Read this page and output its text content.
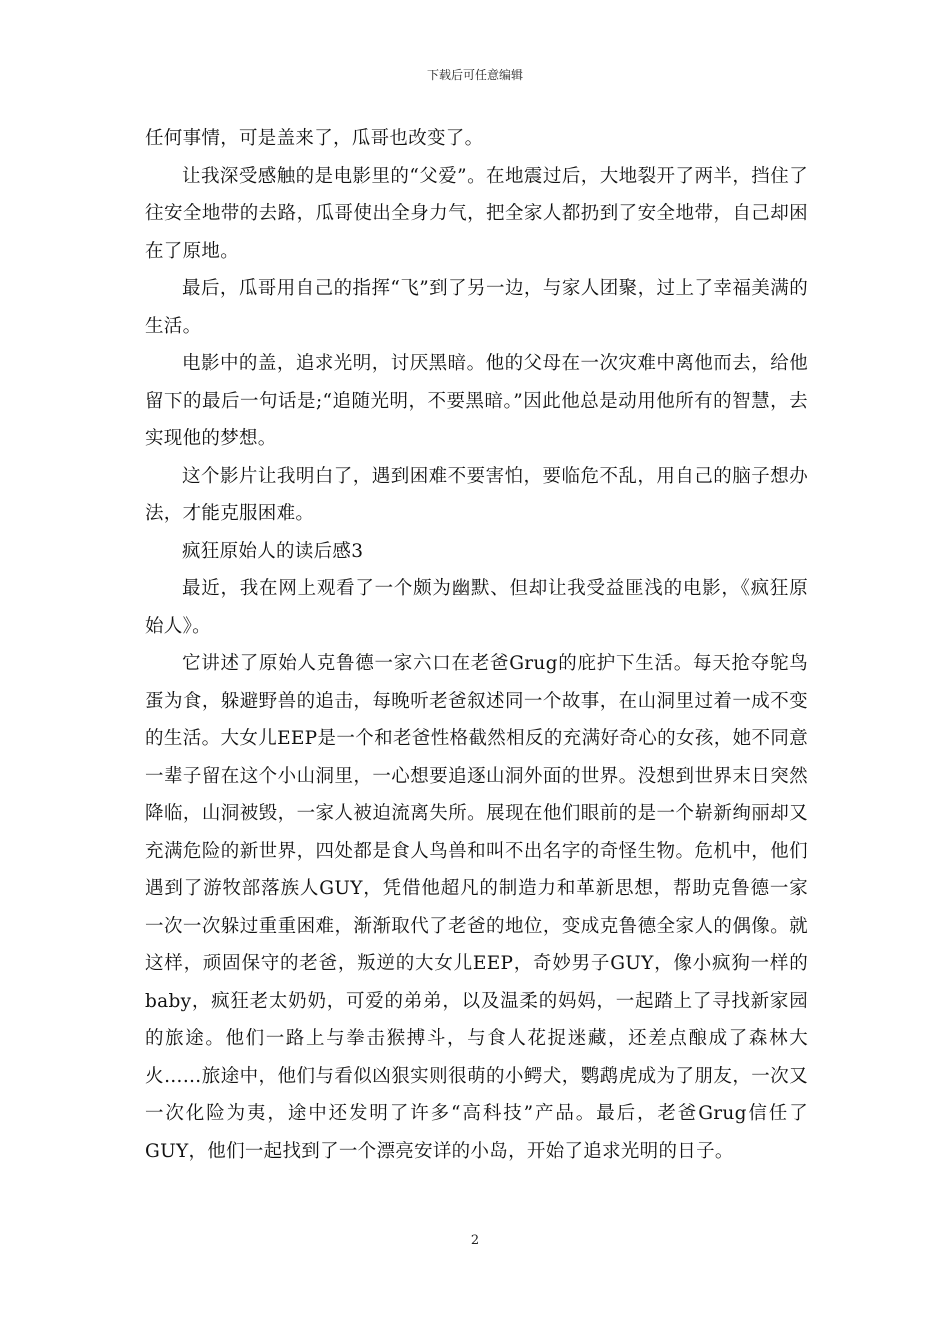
下载后可任意编辑

任何事情，可是盖来了，瓜哥也改变了。

让我深受感触的是电影里的“父爱”。在地震过后，大地裂开了两半，挡住了往安全地带的去路，瓜哥使出全身力气，把全家人都扔到了安全地带，自己却困在了原地。

最后，瓜哥用自己的指挥“飞”到了另一边，与家人团聚，过上了幸福美满的生活。

电影中的盖，追求光明，讨厌黑暗。他的父母在一次灾难中离他而去，给他留下的最后一句话是;“追随光明，不要黑暗。”因此他总是动用他所有的智慧，去实现他的梦想。

这个影片让我明白了，遇到困难不要害怕，要临危不乱，用自己的脑子想办法，才能克服困难。

疯狂原始人的读后感3

最近，我在网上观看了一个颇为幽默、但却让我受益匪浅的电影，《疯狂原始人》。

它讲述了原始人克鲁德一家六口在老爸Grug的庇护下生活。每天抢夺鸵鸟蛋为食，躲避野兽的追击，每晚听老爸叙述同一个故事，在山洞里过着一成不变的生活。大女儿EEP是一个和老爸性格截然相反的充满好奇心的女孩，她不同意一辈子留在这个小山洞里，一心想要追逐山洞外面的世界。没想到世界末日突然降临，山洞被毁，一家人被迫流离失所。展现在他们眼前的是一个崭新绚丽却又充满危险的新世界，四处都是食人鸟兽和叫不出名字的奇怪生物。危机中，他们遇到了游牧部落族人GUY，凭借他超凡的制造力和革新思想，帮助克鲁德一家一次一次躲过重重困难，渐渐取代了老爸的地位，变成克鲁德全家人的偶像。就这样，顽固保守的老爸，叛逆的大女儿EEP，奇妙男子GUY，像小疯狗一样的baby，疯狂老太奶奶，可爱的弟弟，以及温柔的妈妈，一起踏上了寻找新家园的旅途。他们一路上与拳击猴搏斗，与食人花捉迷藏，还差点酿成了森林大火……旅途中，他们与看似凶狠实则很萌的小鳄犬，鹦鹉虎成为了朋友，一次又一次化险为夷，途中还发明了许多“高科技”产品。最后，老爸Grug信任了GUY，他们一起找到了一个漂亮安详的小岛，开始了追求光明的日子。

2
